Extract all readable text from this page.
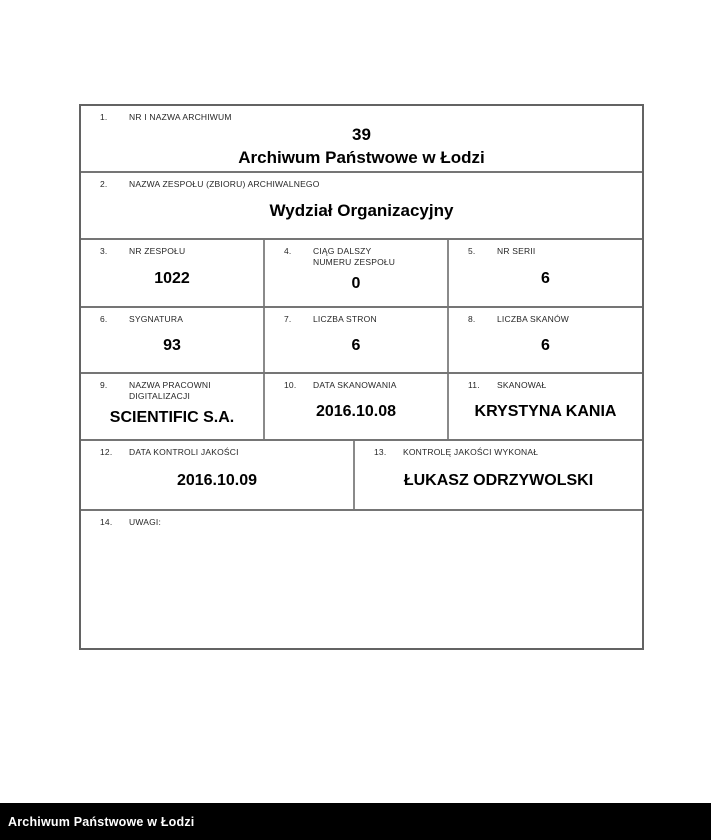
1.	NR I NAZWA ARCHIWUM
39
Archiwum Państwowe w Łodzi
2.	NAZWA ZESPOŁU (ZBIORU) ARCHIWALNEGO
Wydział Organizacyjny
3.	NR ZESPOŁU
1022
4.	CIĄG DALSZY NUMERU ZESPOŁU
0
5.	NR SERII
6
6.	SYGNATURA
93
7.	LICZBA STRON
6
8.	LICZBA SKANÓW
6
9.	NAZWA PRACOWNI DIGITALIZACJI
SCIENTIFIC S.A.
10.	DATA SKANOWANIA
2016.10.08
11.	SKANOWAŁ
KRYSTYNA KANIA
12.	DATA KONTROLI JAKOŚCI
2016.10.09
13.	KONTROLĘ JAKOŚCI WYKONAŁ
ŁUKASZ ODRZYWOLSKI
14.	UWAGI:
Archiwum Państwowe w Łodzi
